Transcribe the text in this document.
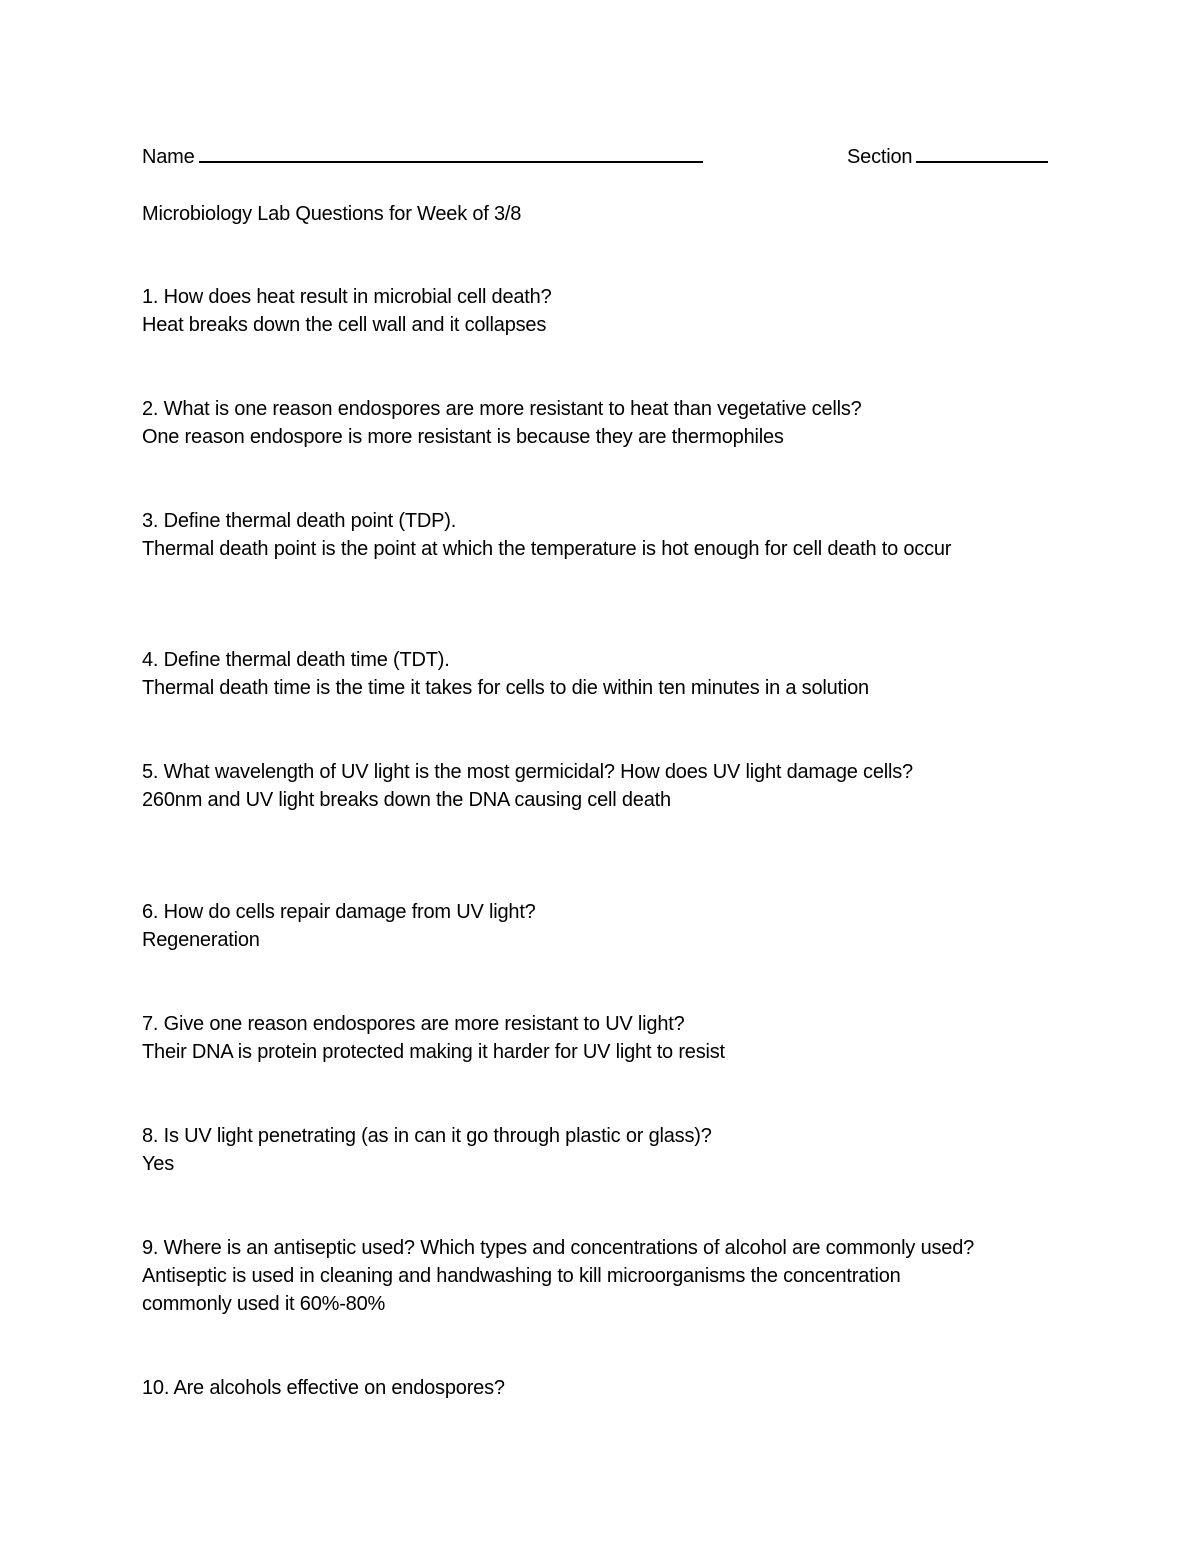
Name	Section
Microbiology Lab Questions for Week of 3/8
1. How does heat result in microbial cell death?
Heat breaks down the cell wall and it collapses
2. What is one reason endospores are more resistant to heat than vegetative cells?
One reason endospore is more resistant is because they are thermophiles
3. Define thermal death point (TDP).
Thermal death point is the point at which the temperature is hot enough for cell death to occur
4. Define thermal death time (TDT).
Thermal death time is the time it takes for cells to die within ten minutes in a solution
5. What wavelength of UV light is the most germicidal? How does UV light damage cells?
260nm and UV light breaks down the DNA causing cell death
6. How do cells repair damage from UV light?
Regeneration
7. Give one reason endospores are more resistant to UV light?
Their DNA is protein protected making it harder for UV light to resist
8. Is UV light penetrating (as in can it go through plastic or glass)?
Yes
9. Where is an antiseptic used? Which types and concentrations of alcohol are commonly used?
Antiseptic is used in cleaning and handwashing to kill microorganisms the concentration
commonly used it 60%-80%
10. Are alcohols effective on endospores?
